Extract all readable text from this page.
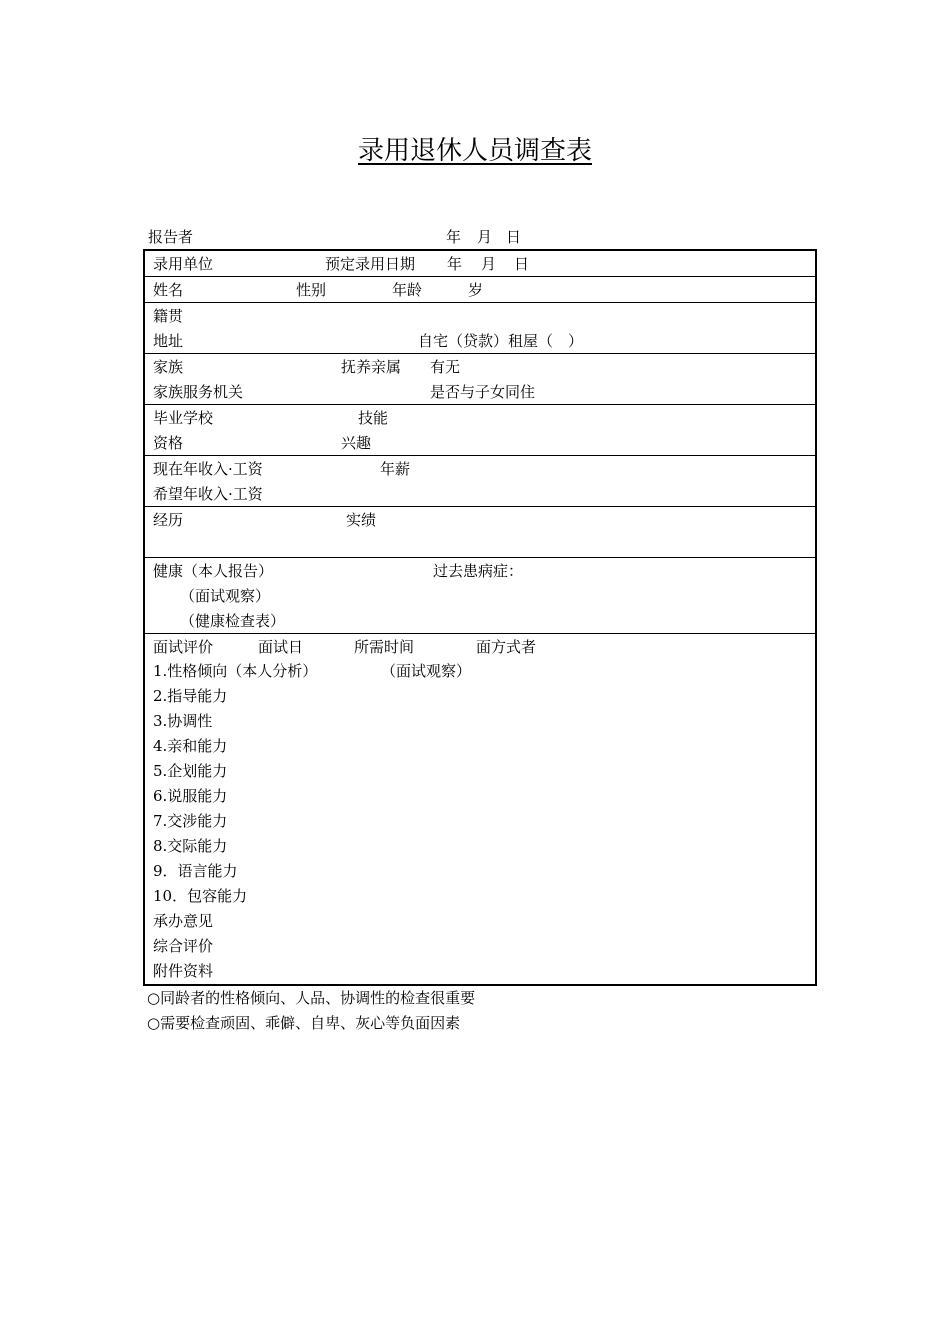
录用退休人员调查表
报告者	年 月 日
录用单位	预定录用日期 年 月 日
姓名	性别	年龄	岁
籍贯
地址	自宅（贷款）租屋（　）
家族	抚养亲属 有无
家族服务机关	是否与子女同住
毕业学校	技能
资格	兴趣
现在年收入·工资	年薪
希望年收入·工资
经历	实绩
健康（本人报告）	过去患病症：
（面试观察）
（健康检查表）
面试评价	面试日	所需时间	面方式者
1.性格倾向（本人分析）	（面试观察）
2.指导能力
3.协调性
4.亲和能力
5.企划能力
6.说服能力
7.交涉能力
8.交际能力
9．语言能力
10．包容能力
承办意见
综合评价
附件资料
○同龄者的性格倾向、人品、协调性的检查很重要
○需要检查顽固、乖僻、自卑、灰心等负面因素
